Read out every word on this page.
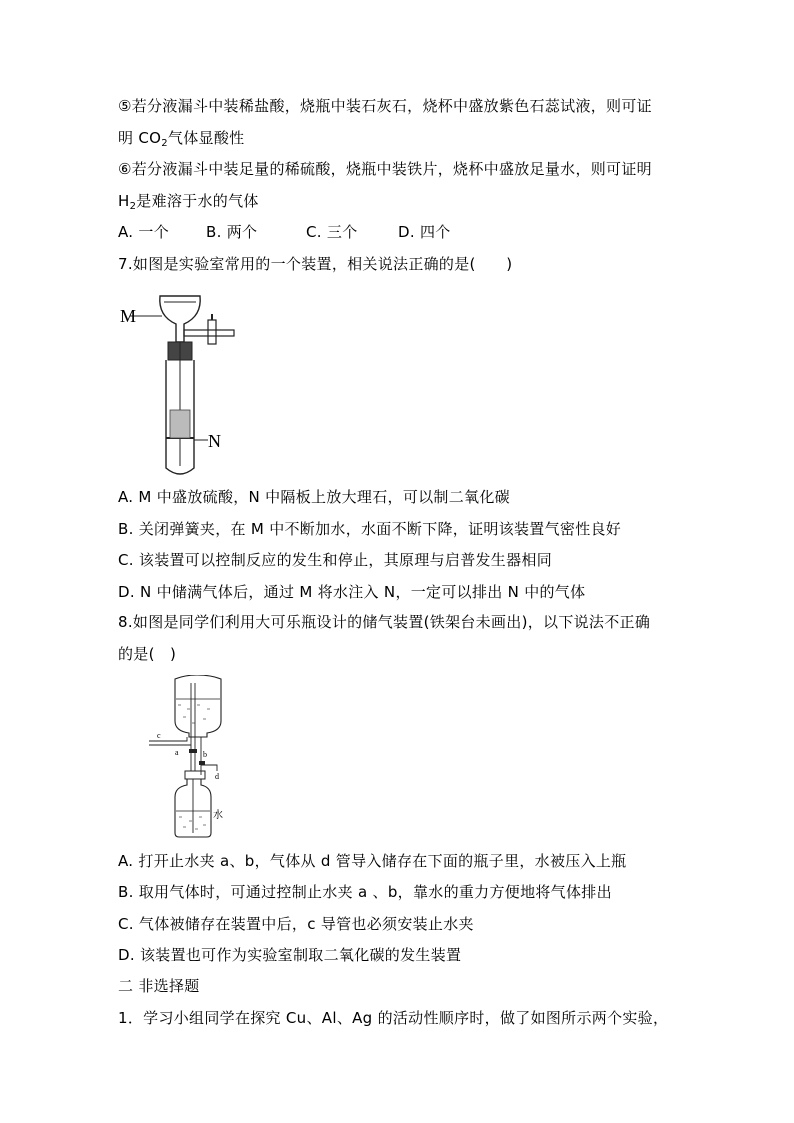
⑤若分液漏斗中装稀盐酸，烧瓶中装石灰石，烧杯中盛放紫色石蕊试液，则可证
明 $CO_2$气体显酸性
⑥若分液漏斗中装足量的稀硫酸，烧瓶中装铁片，烧杯中盛放足量水，则可证明
$H_2$是难溶于水的气体
A. 一个 B. 两个	C. 三个	D. 四个
7.如图是实验室常用的一个装置，相关说法正确的是(　　)
M
N
A. M 中盛放硫酸，N 中隔板上放大理石，可以制二氧化碳
B. 关闭弹簧夹，在 M 中不断加水，水面不断下降，证明该装置气密性良好
C. 该装置可以控制反应的发生和停止，其原理与启普发生器相同
D. N 中储满气体后，通过 M 将水注入 N，一定可以排出 N 中的气体
8.如图是同学们利用大可乐瓶设计的储气装置(铁架台未画出)，以下说法不正确
的是(　)
c
a	b
d
水
A. 打开止水夹 a、b，气体从 d 管导入储存在下面的瓶子里，水被压入上瓶
B. 取用气体时，可通过控制止水夹 a 、b，靠水的重力方便地将气体排出
C. 气体被储存在装置中后，c 导管也必须安装止水夹
D. 该装置也可作为实验室制取二氧化碳的发生装置
二 非选择题
1．学习小组同学在探究 Cu、Al、Ag 的活动性顺序时，做了如图所示两个实验，
